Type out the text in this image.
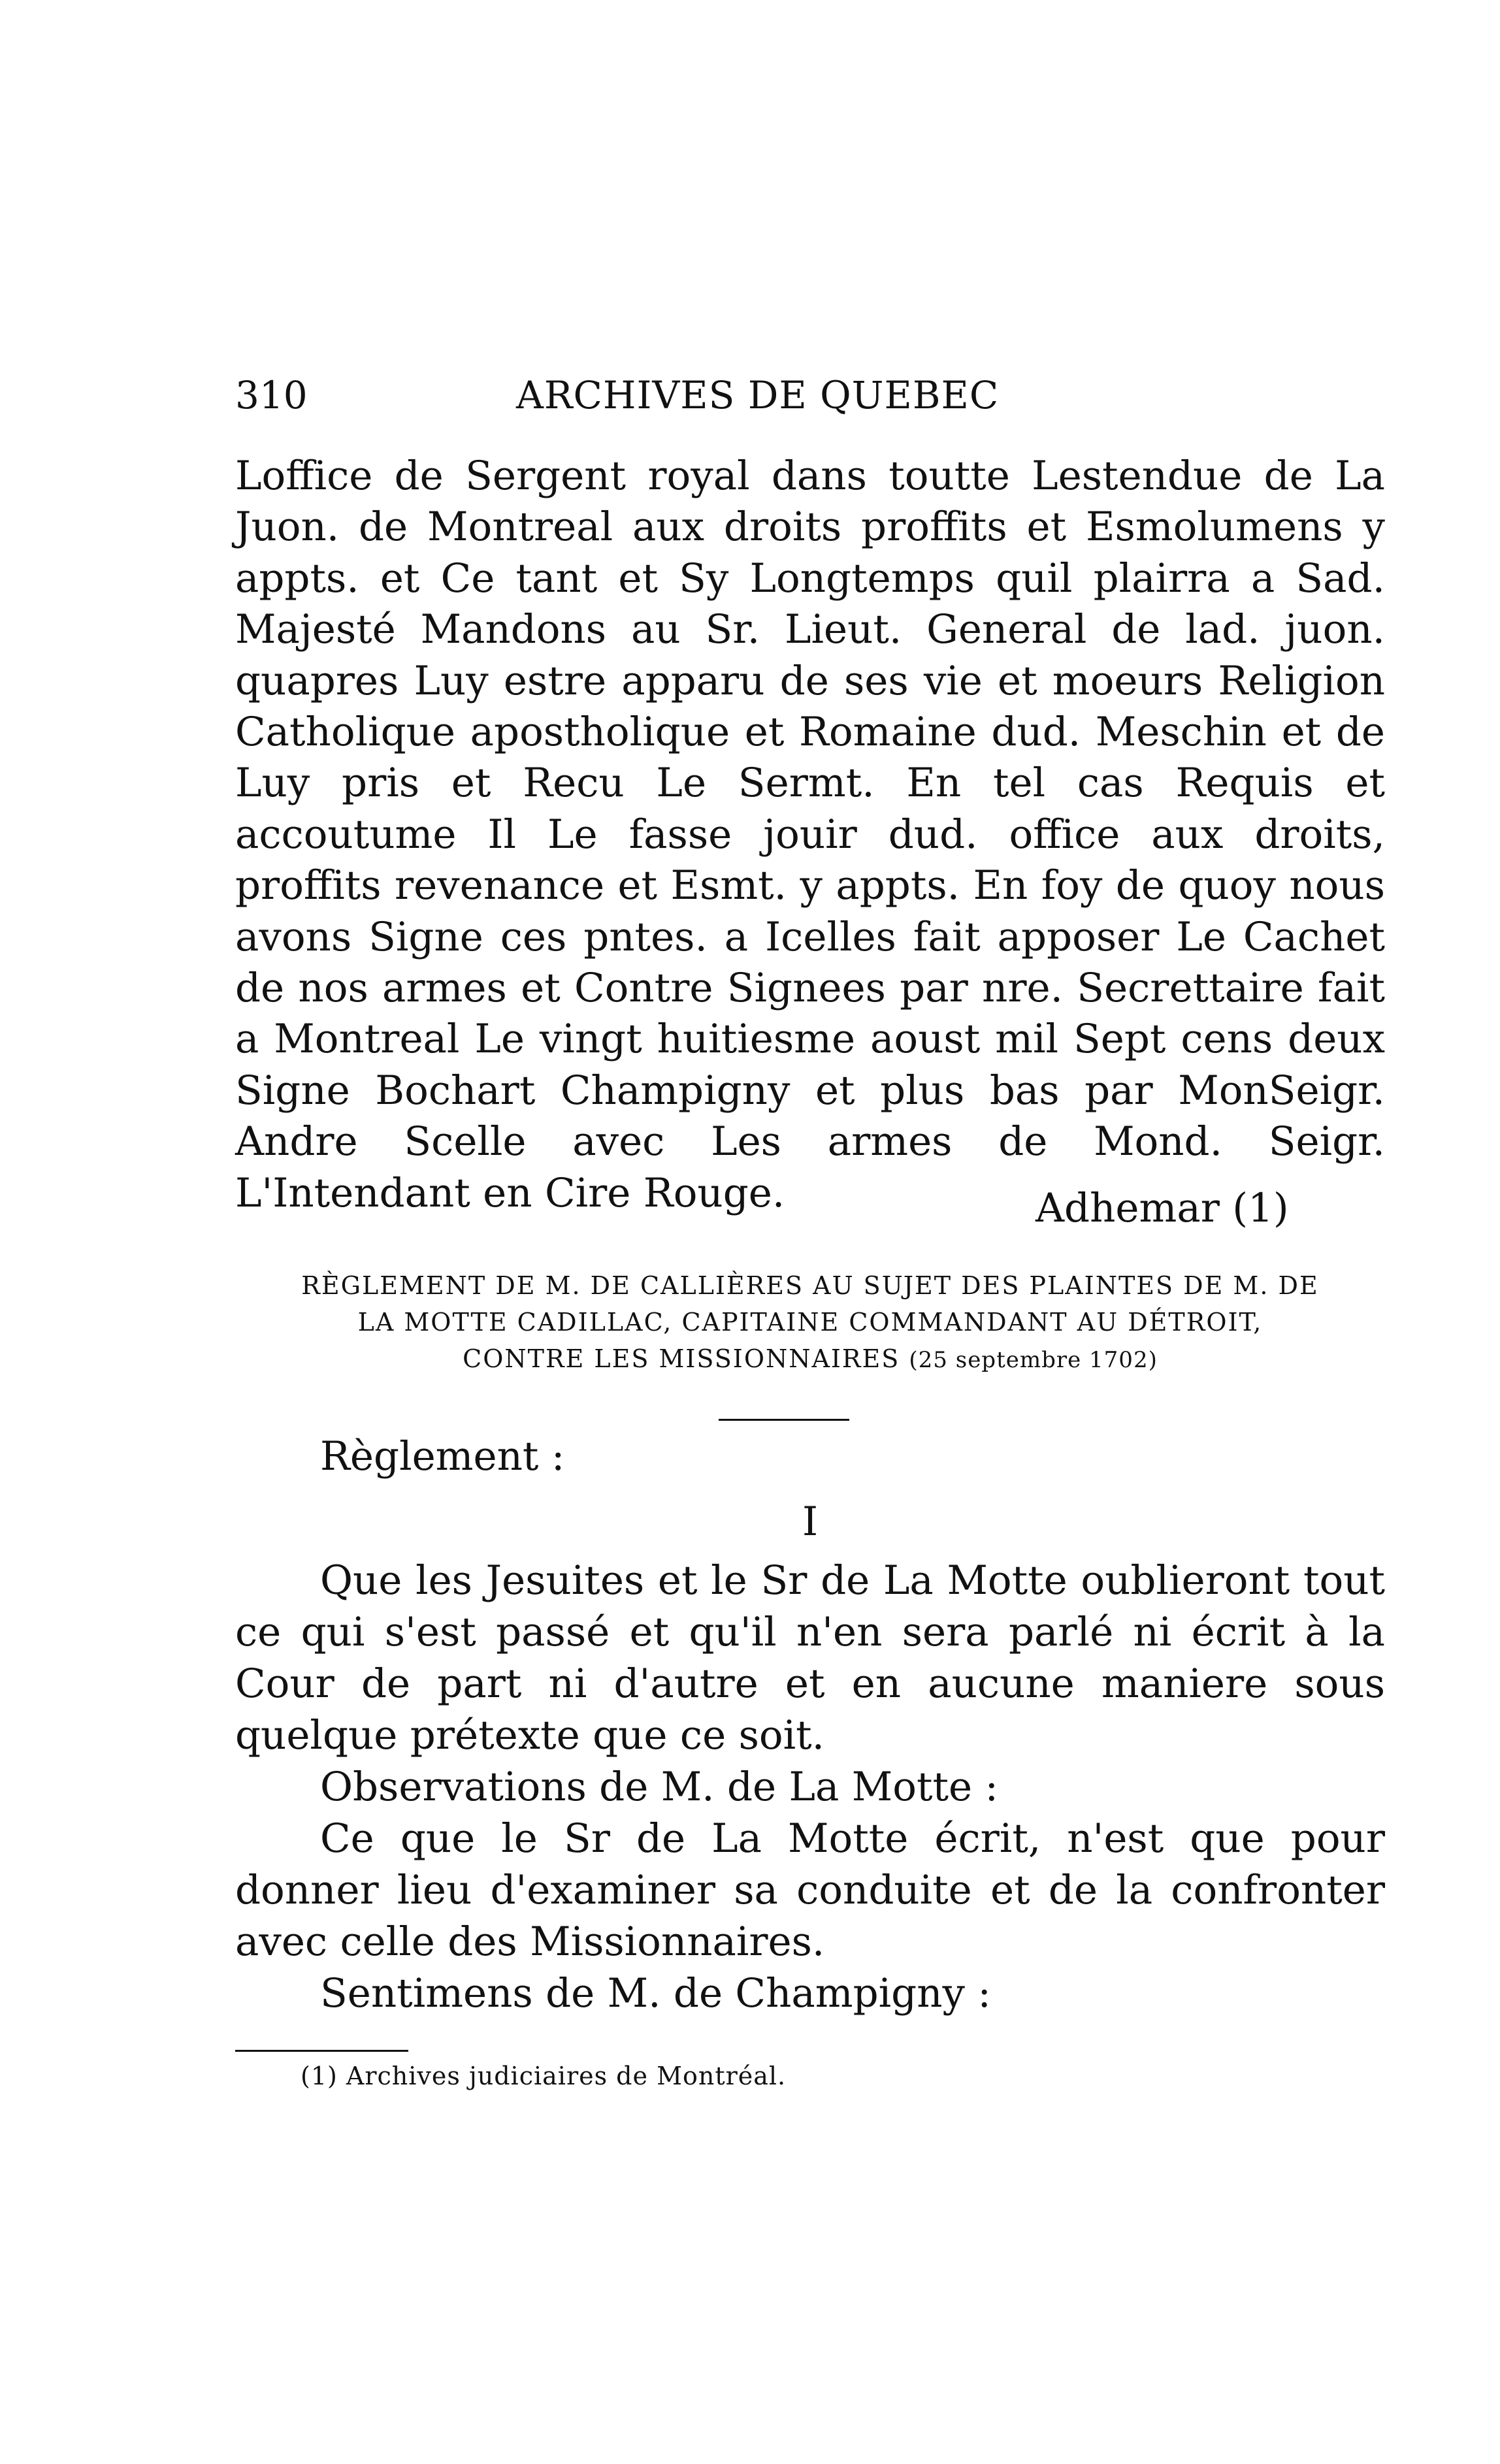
310	ARCHIVES DE QUEBEC

Loffice de Sergent royal dans toutte Lestendue de La Juon. de Montreal aux droits proffits et Esmolumens y appts. et Ce tant et Sy Longtemps quil plairra a Sad. Majesté Mandons au Sr. Lieut. General de lad. juon. quapres Luy estre apparu de ses vie et moeurs Religion Catholique apostholique et Romaine dud. Meschin et de Luy pris et Recu Le Sermt. En tel cas Requis et accoutume Il Le fasse jouir dud. office aux droits, proffits revenance et Esmt. y appts. En foy de quoy nous avons Signe ces pntes. a Icelles fait apposer Le Cachet de nos armes et Contre Signees par nre. Secrettaire fait a Montreal Le vingt huitiesme aoust mil Sept cens deux Signe Bochart Champigny et plus bas par MonSeigr. Andre Scelle avec Les armes de Mond. Seigr. L'Intendant en Cire Rouge.	Adhemar (1)
RÈGLEMENT DE M. DE CALLIÈRES AU SUJET DES PLAINTES DE M. DE
LA MOTTE CADILLAC, CAPITAINE COMMANDANT AU DÉTROIT,
CONTRE LES MISSIONNAIRES (25 septembre 1702)
Règlement :
I

Que les Jesuites et le Sr de La Motte oublieront tout ce qui s'est passé et qu'il n'en sera parlé ni écrit à la Cour de part ni d'autre et en aucune maniere sous quelque prétexte que ce soit.

Observations de M. de La Motte :

Ce que le Sr de La Motte écrit, n'est que pour donner lieu d'examiner sa conduite et de la confronter avec celle des Missionnaires.

Sentimens de M. de Champigny :

(1) Archives judiciaires de Montréal.
